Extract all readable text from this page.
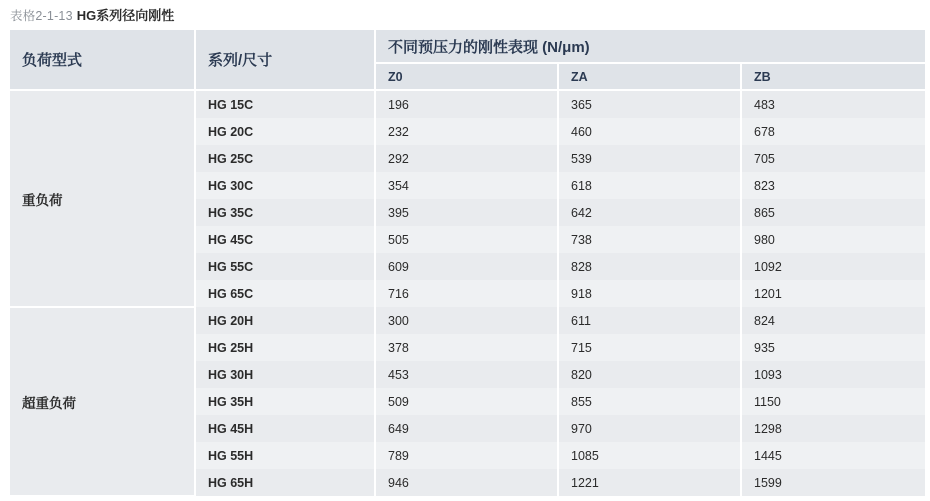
表格2-1-13 HG系列径向刚性
负荷型式	系列/尺寸	不同预压力的刚性表现 (N/μm)		
		Z0	ZA	ZB
重负荷	HG 15C	196	365	483
	HG 20C	232	460	678
	HG 25C	292	539	705
	HG 30C	354	618	823
	HG 35C	395	642	865
	HG 45C	505	738	980
	HG 55C	609	828	1092
	HG 65C	716	918	1201
超重负荷	HG 20H	300	611	824
	HG 25H	378	715	935
	HG 30H	453	820	1093
	HG 35H	509	855	1150
	HG 45H	649	970	1298
	HG 55H	789	1085	1445
	HG 65H	946	1221	1599
